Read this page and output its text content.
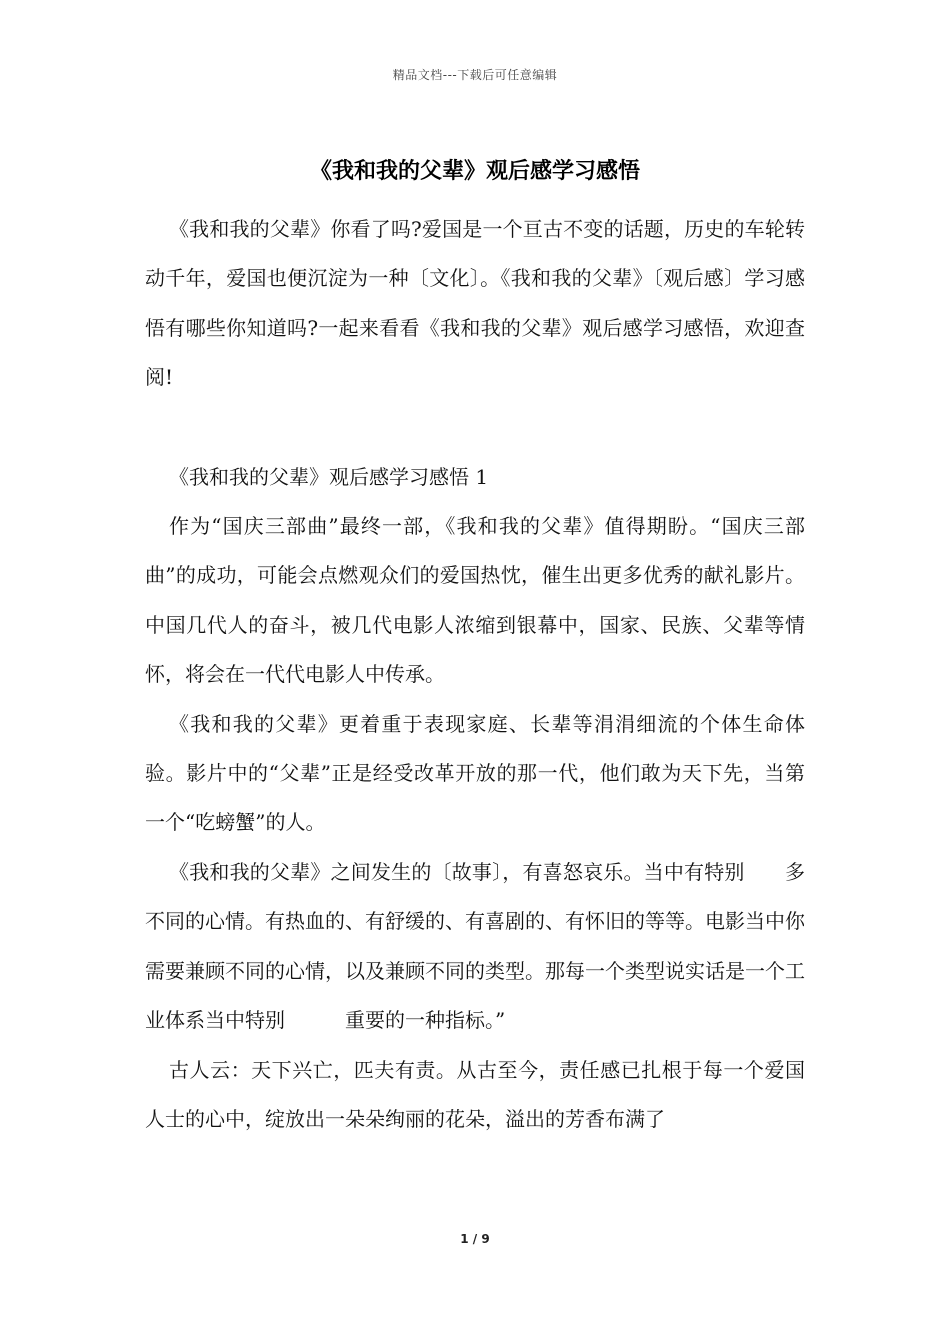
精品文档---下载后可任意编辑
《我和我的父辈》观后感学习感悟

《我和我的父辈》你看了吗?爱国是一个亘古不变的话题，历史的车轮转动千年，爱国也便沉淀为一种〔文化〕。《我和我的父辈》〔观后感〕学习感悟有哪些你知道吗?一起来看看《我和我的父辈》观后感学习感悟，欢迎查阅!

《我和我的父辈》观后感学习感悟 1

作为“国庆三部曲”最终一部，《我和我的父辈》值得期盼。“国庆三部曲”的成功，可能会点燃观众们的爱国热忱，催生出更多优秀的献礼影片。中国几代人的奋斗，被几代电影人浓缩到银幕中，国家、民族、父辈等情怀，将会在一代代电影人中传承。

《我和我的父辈》更着重于表现家庭、长辈等涓涓细流的个体生命体验。影片中的“父辈”正是经受改革开放的那一代，他们敢为天下先，当第一个“吃螃蟹”的人。

《我和我的父辈》之间发生的〔故事〕，有喜怒哀乐。当中有特别　　多不同的心情。有热血的、有舒缓的、有喜剧的、有怀旧的等等。电影当中你需要兼顾不同的心情，以及兼顾不同的类型。那每一个类型说实话是一个工业体系当中特别　　　重要的一种指标。”

古人云：天下兴亡，匹夫有责。从古至今，责任感已扎根于每一个爱国人士的心中，绽放出一朵朵绚丽的花朵，溢出的芳香布满了

1 / 9
